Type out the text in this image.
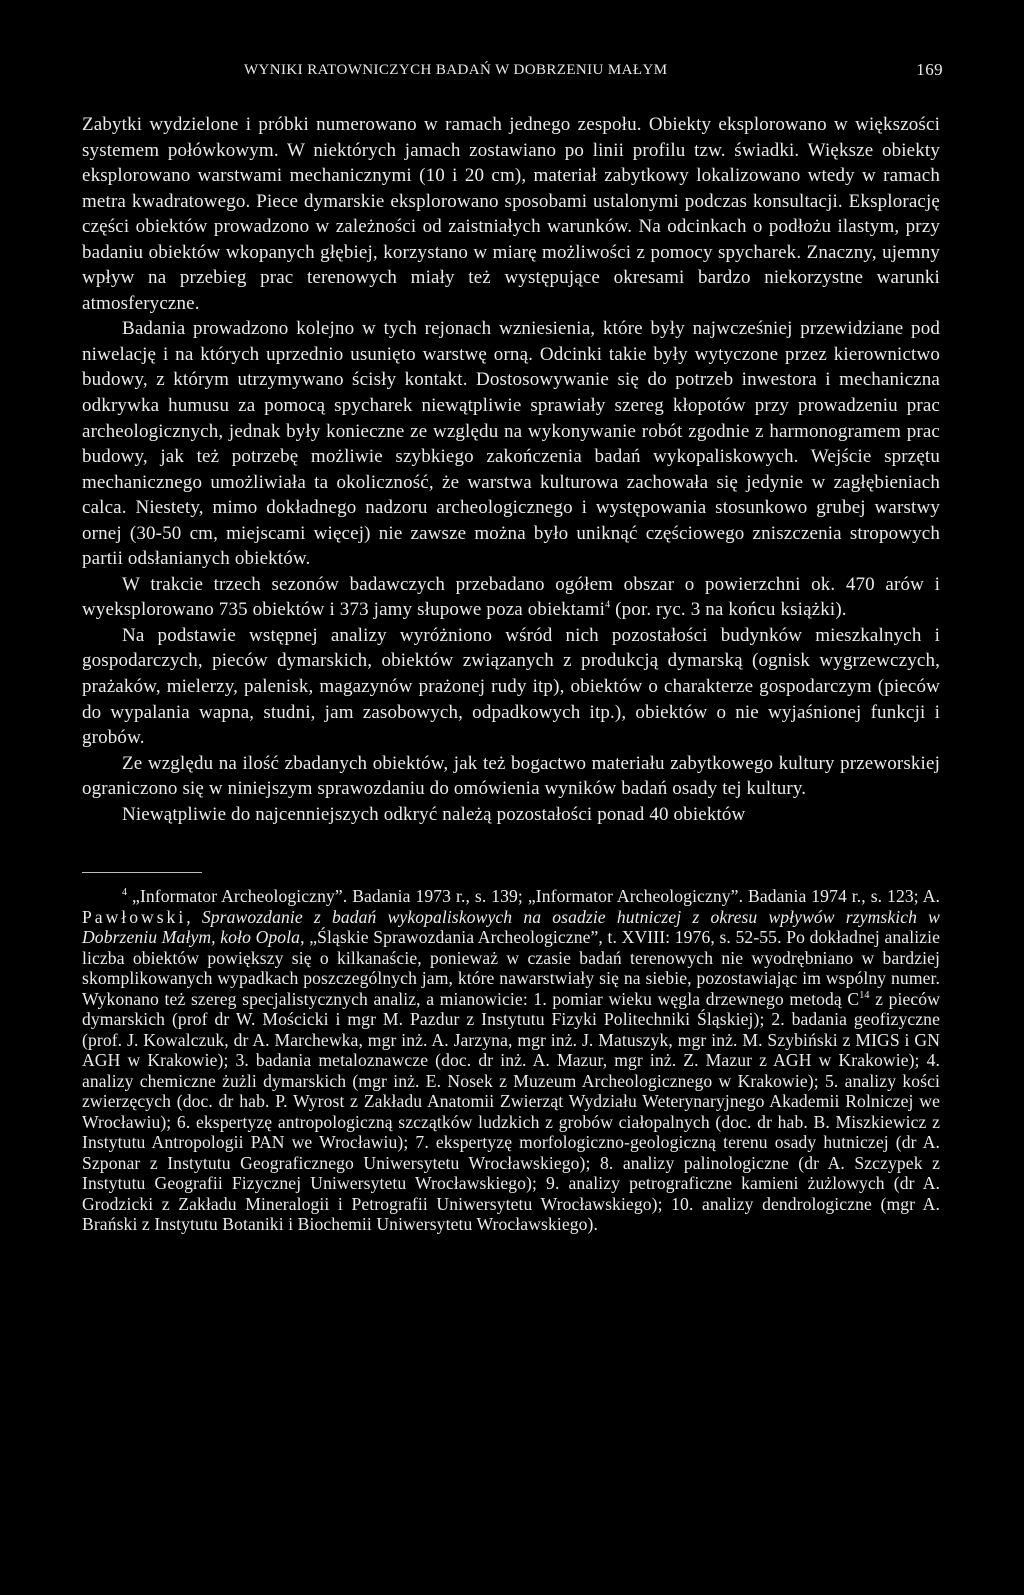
WYNIKI RATOWNICZYCH BADAŃ W DOBRZENIU MAŁYM	169

Zabytki wydzielone i próbki numerowano w ramach jednego zespołu. Obiekty eksplorowano w większości systemem połówkowym. W niektórych jamach zostawiano po linii profilu tzw. świadki. Większe obiekty eksplorowano warstwami mechanicznymi (10 i 20 cm), materiał zabytkowy lokalizowano wtedy w ramach metra kwadratowego. Piece dymarskie eksplorowano sposobami ustalonymi podczas konsultacji. Eksplorację części obiektów prowadzono w zależności od zaistniałych warunków. Na odcinkach o podłożu ilastym, przy badaniu obiektów wkopanych głębiej, korzystano w miarę możliwości z pomocy spycharek. Znaczny, ujemny wpływ na przebieg prac terenowych miały też występujące okresami bardzo niekorzystne warunki atmosferyczne.

Badania prowadzono kolejno w tych rejonach wzniesienia, które były najwcześniej przewidziane pod niwelację i na których uprzednio usunięto warstwę orną. Odcinki takie były wytyczone przez kierownictwo budowy, z którym utrzymywano ścisły kontakt. Dostosowywanie się do potrzeb inwestora i mechaniczna odkrywka humusu za pomocą spycharek niewątpliwie sprawiały szereg kłopotów przy prowadzeniu prac archeologicznych, jednak były konieczne ze względu na wykonywanie robót zgodnie z harmonogramem prac budowy, jak też potrzebę możliwie szybkiego zakończenia badań wykopaliskowych. Wejście sprzętu mechanicznego umożliwiała ta okoliczność, że warstwa kulturowa zachowała się jedynie w zagłębieniach calca. Niestety, mimo dokładnego nadzoru archeologicznego i występowania stosunkowo grubej warstwy ornej (30-50 cm, miejscami więcej) nie zawsze można było uniknąć częściowego zniszczenia stropowych partii odsłanianych obiektów.

W trakcie trzech sezonów badawczych przebadano ogółem obszar o powierzchni ok. 470 arów i wyeksplorowano 735 obiektów i 373 jamy słupowe poza obiektami$^4$ (por. ryc. 3 na końcu książki).

Na podstawie wstępnej analizy wyróżniono wśród nich pozostałości budynków mieszkalnych i gospodarczych, pieców dymarskich, obiektów związanych z produkcją dymarską (ognisk wygrzewczych, prażaków, mielerzy, palenisk, magazynów prażonej rudy itp), obiektów o charakterze gospodarczym (pieców do wypalania wapna, studni, jam zasobowych, odpadkowych itp.), obiektów o nie wyjaśnionej funkcji i grobów.

Ze względu na ilość zbadanych obiektów, jak też bogactwo materiału zabytkowego kultury przeworskiej ograniczono się w niniejszym sprawozdaniu do omówienia wyników badań osady tej kultury.

Niewątpliwie do najcenniejszych odkryć należą pozostałości ponad 40 obiektów

$^4$ „Informator Archeologiczny”. Badania 1973 r., s. 139; „Informator Archeologiczny”. Badania 1974 r., s. 123; A. Pawłowski, Sprawozdanie z badań wykopaliskowych na osadzie hutniczej z okresu wpływów rzymskich w Dobrzeniu Małym, koło Opola, „Śląskie Sprawozdania Archeologiczne”, t. XVIII: 1976, s. 52-55. Po dokładnej analizie liczba obiektów powiększy się o kilkanaście, ponieważ w czasie badań terenowych nie wyodrębniano w bardziej skomplikowanych wypadkach poszczególnych jam, które nawarstwiały się na siebie, pozostawiając im wspólny numer. Wykonano też szereg specjalistycznych analiz, a mianowicie: 1. pomiar wieku węgla drzewnego metodą $C^{14}$ z pieców dymarskich (prof dr W. Mościcki i mgr M. Pazdur z Instytutu Fizyki Politechniki Śląskiej); 2. badania geofizyczne (prof. J. Kowalczuk, dr A. Marchewka, mgr inż. A. Jarzyna, mgr inż. J. Matuszyk, mgr inż. M. Szybiński z MIGS i GN AGH w Krakowie); 3. badania metaloznawcze (doc. dr inż. A. Mazur, mgr inż. Z. Mazur z AGH w Krakowie); 4. analizy chemiczne żużli dymarskich (mgr inż. E. Nosek z Muzeum Archeologicznego w Krakowie); 5. analizy kości zwierzęcych (doc. dr hab. P. Wyrost z Zakładu Anatomii Zwierząt Wydziału Weterynaryjnego Akademii Rolniczej we Wrocławiu); 6. ekspertyzę antropologiczną szczątków ludzkich z grobów ciałopalnych (doc. dr hab. B. Miszkiewicz z Instytutu Antropologii PAN we Wrocławiu); 7. ekspertyzę morfologiczno-geologiczną terenu osady hutniczej (dr A. Szponar z Instytutu Geograficznego Uniwersytetu Wrocławskiego); 8. analizy palinologiczne (dr A. Szczypek z Instytutu Geografii Fizycznej Uniwersytetu Wrocławskiego); 9. analizy petrograficzne kamieni żużlowych (dr A. Grodzicki z Zakładu Mineralogii i Petrografii Uniwersytetu Wrocławskiego); 10. analizy dendrologiczne (mgr A. Brański z Instytutu Botaniki i Biochemii Uniwersytetu Wrocławskiego).
